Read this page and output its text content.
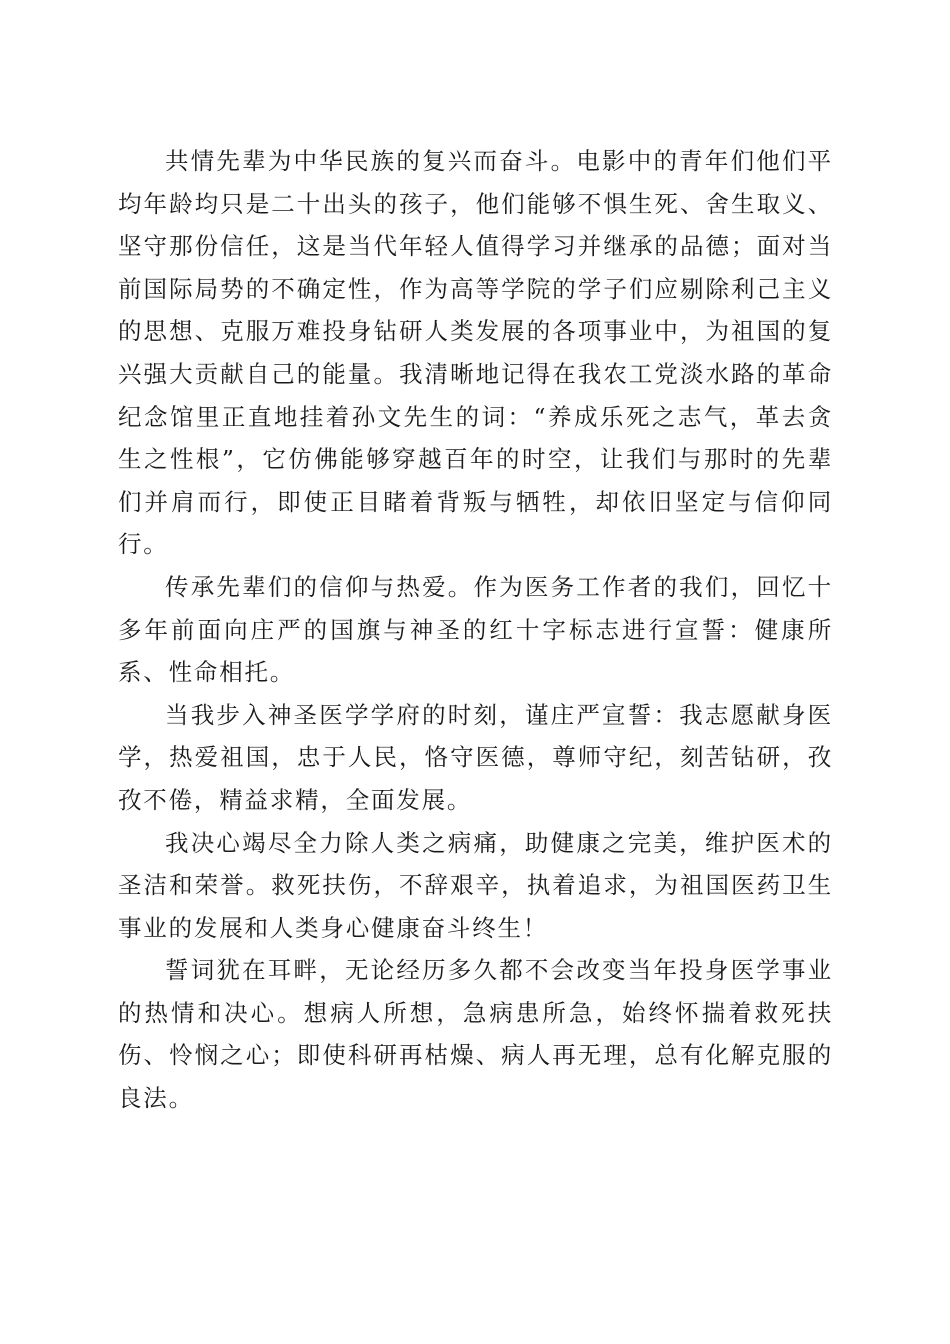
共情先辈为中华民族的复兴而奋斗。电影中的青年们他们平均年龄均只是二十出头的孩子，他们能够不惧生死、舍生取义、坚守那份信任，这是当代年轻人值得学习并继承的品德；面对当前国际局势的不确定性，作为高等学院的学子们应剔除利己主义的思想、克服万难投身钻研人类发展的各项事业中，为祖国的复兴强大贡献自己的能量。我清晰地记得在我农工党淡水路的革命纪念馆里正直地挂着孙文先生的词：“养成乐死之志气，革去贪生之性根”，它仿佛能够穿越百年的时空，让我们与那时的先辈们并肩而行，即使正目睹着背叛与牺牲，却依旧坚定与信仰同行。

传承先辈们的信仰与热爱。作为医务工作者的我们，回忆十多年前面向庄严的国旗与神圣的红十字标志进行宣誓：健康所系、性命相托。

当我步入神圣医学学府的时刻，谨庄严宣誓：我志愿献身医学，热爱祖国，忠于人民，恪守医德，尊师守纪，刻苦钻研，孜孜不倦，精益求精，全面发展。

我决心竭尽全力除人类之病痛，助健康之完美，维护医术的圣洁和荣誉。救死扶伤，不辞艰辛，执着追求，为祖国医药卫生事业的发展和人类身心健康奋斗终生！

誓词犹在耳畔，无论经历多久都不会改变当年投身医学事业的热情和决心。想病人所想，急病患所急，始终怀揣着救死扶伤、怜悯之心；即使科研再枯燥、病人再无理，总有化解克服的良法。
